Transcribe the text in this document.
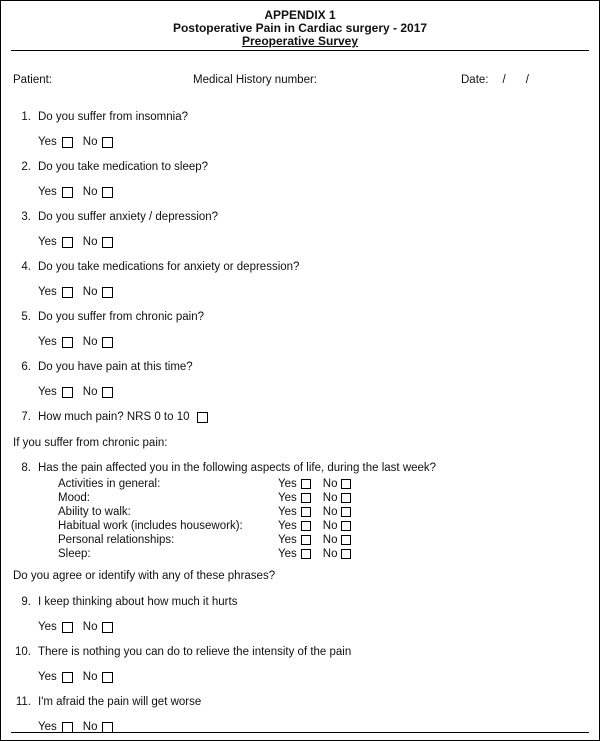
APPENDIX 1
Postoperative Pain in Cardiac surgery - 2017
Preoperative Survey
Patient:	Medical History number:	Date: / /
1. Do you suffer from insomnia?
Yes No
2. Do you take medication to sleep?
Yes No
3. Do you suffer anxiety / depression?
Yes No
4. Do you take medications for anxiety or depression?
Yes No
5. Do you suffer from chronic pain?
Yes No
6. Do you have pain at this time?
Yes No
7. How much pain? NRS 0 to 10
If you suffer from chronic pain:
8. Has the pain affected you in the following aspects of life, during the last week?
Activities in general:	Yes No
Mood:	Yes No
Ability to walk:	Yes No
Habitual work (includes housework):	Yes No
Personal relationships:	Yes No
Sleep:	Yes No
Do you agree or identify with any of these phrases?
9. I keep thinking about how much it hurts
Yes No
10. There is nothing you can do to relieve the intensity of the pain
Yes No
11. I'm afraid the pain will get worse
Yes No
